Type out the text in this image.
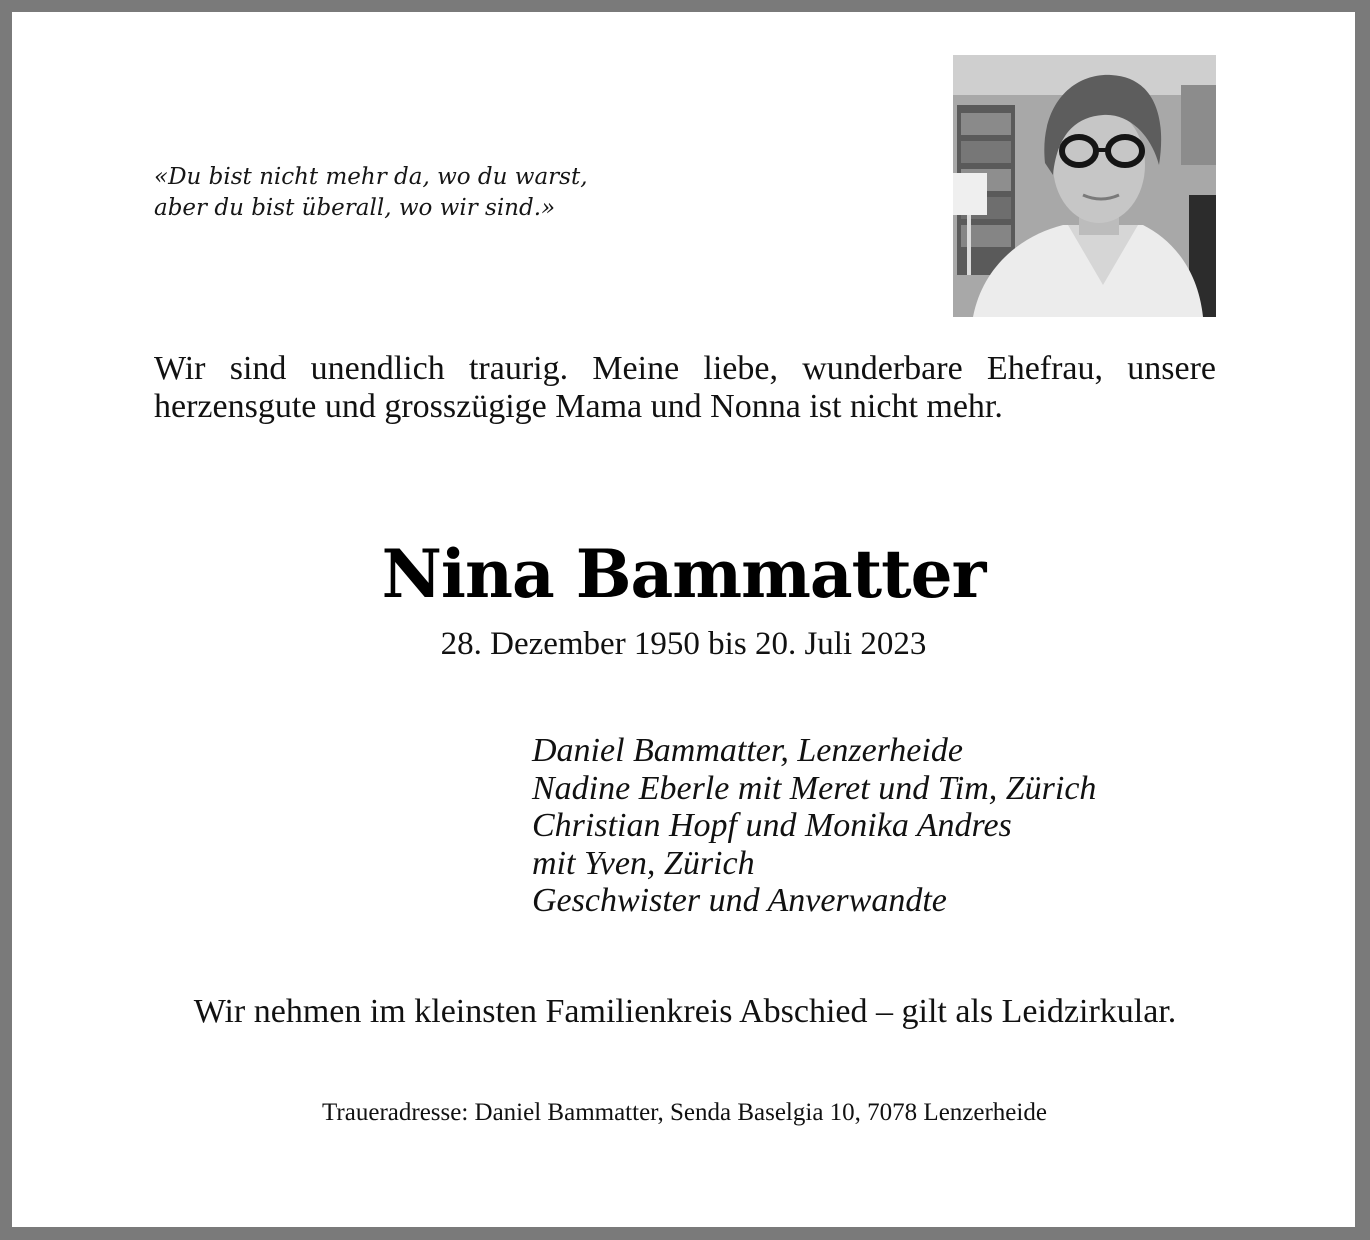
«Du bist nicht mehr da, wo du warst,
aber du bist überall, wo wir sind.»
Wir sind unendlich traurig. Meine liebe, wunderbare Ehefrau, unsere herzensgute und grosszügige Mama und Nonna ist nicht mehr.
Nina Bammatter
28. Dezember 1950 bis 20. Juli 2023
Daniel Bammatter, Lenzerheide
Nadine Eberle mit Meret und Tim, Zürich
Christian Hopf und Monika Andres
mit Yven, Zürich
Geschwister und Anverwandte
Wir nehmen im kleinsten Familienkreis Abschied – gilt als Leidzirkular.
Traueradresse: Daniel Bammatter, Senda Baselgia 10, 7078 Lenzerheide
